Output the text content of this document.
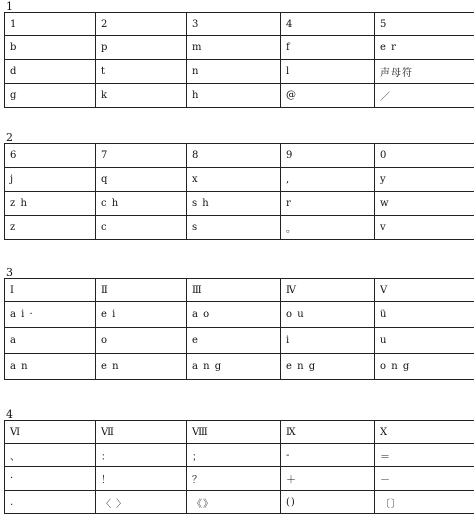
1
1	2	3	4	5
b	p	m	f	e r
d	t	n	l	声母符
g	k	h	@	／
2
6	7	8	9	0
j	q	x	,	y
z h	c h	s h	r	w
z	c	s	。	v
3
Ⅰ	Ⅱ	Ⅲ	Ⅳ	Ⅴ
a i ·	e i	a o	o u	ü
a	o	e	i	u
a n	e n	a n g	e n g	o n g
4
Ⅵ	Ⅶ	Ⅷ	Ⅸ	Ⅹ
、	：	；	-	＝
·	！	？	＋	－
.	〈 〉	《》	()	〔〕
